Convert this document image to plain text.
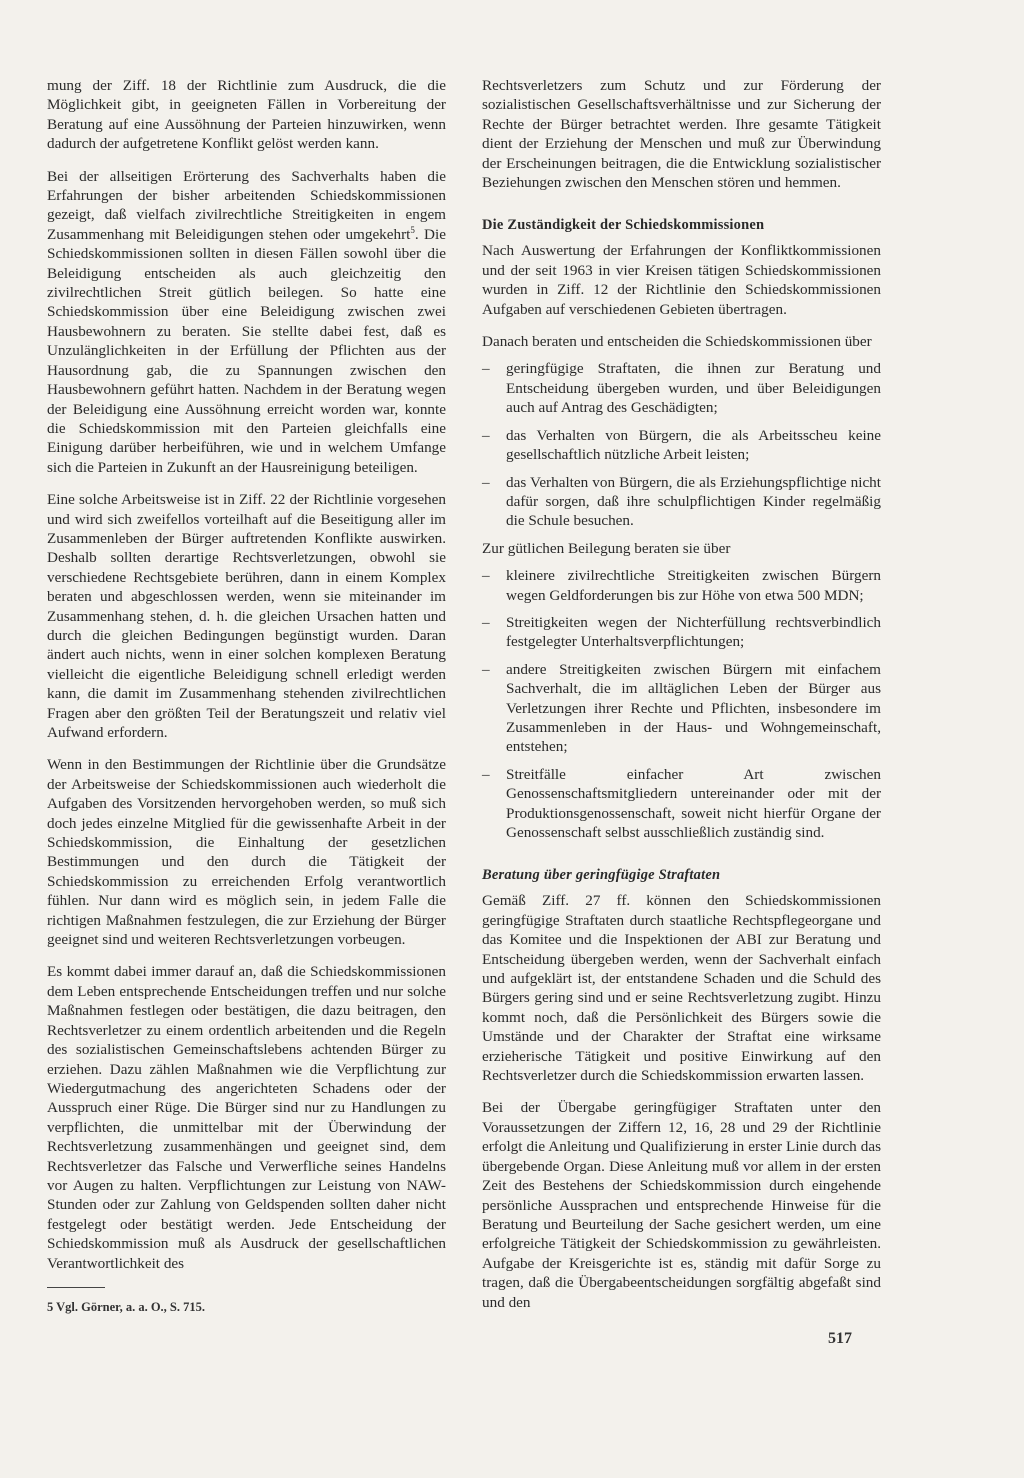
mung der Ziff. 18 der Richtlinie zum Ausdruck, die die Möglichkeit gibt, in geeigneten Fällen in Vorbereitung der Beratung auf eine Aussöhnung der Parteien hinzuwirken, wenn dadurch der aufgetretene Konflikt gelöst werden kann.

Bei der allseitigen Erörterung des Sachverhalts haben die Erfahrungen der bisher arbeitenden Schiedskommissionen gezeigt, daß vielfach zivilrechtliche Streitigkeiten in engem Zusammenhang mit Beleidigungen stehen oder umgekehrt$^5$. Die Schiedskommissionen sollten in diesen Fällen sowohl über die Beleidigung entscheiden als auch gleichzeitig den zivilrechtlichen Streit gütlich beilegen. So hatte eine Schiedskommission über eine Beleidigung zwischen zwei Hausbewohnern zu beraten. Sie stellte dabei fest, daß es Unzulänglichkeiten in der Erfüllung der Pflichten aus der Hausordnung gab, die zu Spannungen zwischen den Hausbewohnern geführt hatten. Nachdem in der Beratung wegen der Beleidigung eine Aussöhnung erreicht worden war, konnte die Schiedskommission mit den Parteien gleichfalls eine Einigung darüber herbeiführen, wie und in welchem Umfange sich die Parteien in Zukunft an der Hausreinigung beteiligen.

Eine solche Arbeitsweise ist in Ziff. 22 der Richtlinie vorgesehen und wird sich zweifellos vorteilhaft auf die Beseitigung aller im Zusammenleben der Bürger auftretenden Konflikte auswirken. Deshalb sollten derartige Rechtsverletzungen, obwohl sie verschiedene Rechtsgebiete berühren, dann in einem Komplex beraten und abgeschlossen werden, wenn sie miteinander im Zusammenhang stehen, d. h. die gleichen Ursachen hatten und durch die gleichen Bedingungen begünstigt wurden. Daran ändert auch nichts, wenn in einer solchen komplexen Beratung vielleicht die eigentliche Beleidigung schnell erledigt werden kann, die damit im Zusammenhang stehenden zivilrechtlichen Fragen aber den größten Teil der Beratungszeit und relativ viel Aufwand erfordern.

Wenn in den Bestimmungen der Richtlinie über die Grundsätze der Arbeitsweise der Schiedskommissionen auch wiederholt die Aufgaben des Vorsitzenden hervorgehoben werden, so muß sich doch jedes einzelne Mitglied für die gewissenhafte Arbeit in der Schiedskommission, die Einhaltung der gesetzlichen Bestimmungen und den durch die Tätigkeit der Schiedskommission zu erreichenden Erfolg verantwortlich fühlen. Nur dann wird es möglich sein, in jedem Falle die richtigen Maßnahmen festzulegen, die zur Erziehung der Bürger geeignet sind und weiteren Rechtsverletzungen vorbeugen.

Es kommt dabei immer darauf an, daß die Schiedskommissionen dem Leben entsprechende Entscheidungen treffen und nur solche Maßnahmen festlegen oder bestätigen, die dazu beitragen, den Rechtsverletzer zu einem ordentlich arbeitenden und die Regeln des sozialistischen Gemeinschaftslebens achtenden Bürger zu erziehen. Dazu zählen Maßnahmen wie die Verpflichtung zur Wiedergutmachung des angerichteten Schadens oder der Ausspruch einer Rüge. Die Bürger sind nur zu Handlungen zu verpflichten, die unmittelbar mit der Überwindung der Rechtsverletzung zusammenhängen und geeignet sind, dem Rechtsverletzer das Falsche und Verwerfliche seines Handelns vor Augen zu halten. Verpflichtungen zur Leistung von NAW-Stunden oder zur Zahlung von Geldspenden sollten daher nicht festgelegt oder bestätigt werden. Jede Entscheidung der Schiedskommission muß als Ausdruck der gesellschaftlichen Verantwortlichkeit des

Rechtsverletzers zum Schutz und zur Förderung der sozialistischen Gesellschaftsverhältnisse und zur Sicherung der Rechte der Bürger betrachtet werden. Ihre gesamte Tätigkeit dient der Erziehung der Menschen und muß zur Überwindung der Erscheinungen beitragen, die die Entwicklung sozialistischer Beziehungen zwischen den Menschen stören und hemmen.

Die Zuständigkeit der Schiedskommissionen

Nach Auswertung der Erfahrungen der Konfliktkommissionen und der seit 1963 in vier Kreisen tätigen Schiedskommissionen wurden in Ziff. 12 der Richtlinie den Schiedskommissionen Aufgaben auf verschiedenen Gebieten übertragen.

Danach beraten und entscheiden die Schiedskommissionen über

– geringfügige Straftaten, die ihnen zur Beratung und Entscheidung übergeben wurden, und über Beleidigungen auch auf Antrag des Geschädigten;
– das Verhalten von Bürgern, die als Arbeitsscheu keine gesellschaftlich nützliche Arbeit leisten;
– das Verhalten von Bürgern, die als Erziehungspflichtige nicht dafür sorgen, daß ihre schulpflichtigen Kinder regelmäßig die Schule besuchen.

Zur gütlichen Beilegung beraten sie über

– kleinere zivilrechtliche Streitigkeiten zwischen Bürgern wegen Geldforderungen bis zur Höhe von etwa 500 MDN;
– Streitigkeiten wegen der Nichterfüllung rechtsverbindlich festgelegter Unterhaltsverpflichtungen;
– andere Streitigkeiten zwischen Bürgern mit einfachem Sachverhalt, die im alltäglichen Leben der Bürger aus Verletzungen ihrer Rechte und Pflichten, insbesondere im Zusammenleben in der Haus- und Wohngemeinschaft, entstehen;
– Streitfälle einfacher Art zwischen Genossenschaftsmitgliedern untereinander oder mit der Produktionsgenossenschaft, soweit nicht hierfür Organe der Genossenschaft selbst ausschließlich zuständig sind.
Beratung über geringfügige Straftaten

Gemäß Ziff. 27 ff. können den Schiedskommissionen geringfügige Straftaten durch staatliche Rechtspflegeorgane und das Komitee und die Inspektionen der ABI zur Beratung und Entscheidung übergeben werden, wenn der Sachverhalt einfach und aufgeklärt ist, der entstandene Schaden und die Schuld des Bürgers gering sind und er seine Rechtsverletzung zugibt. Hinzu kommt noch, daß die Persönlichkeit des Bürgers sowie die Umstände und der Charakter der Straftat eine wirksame erzieherische Tätigkeit und positive Einwirkung auf den Rechtsverletzer durch die Schiedskommission erwarten lassen.

Bei der Übergabe geringfügiger Straftaten unter den Voraussetzungen der Ziffern 12, 16, 28 und 29 der Richtlinie erfolgt die Anleitung und Qualifizierung in erster Linie durch das übergebende Organ. Diese Anleitung muß vor allem in der ersten Zeit des Bestehens der Schiedskommission durch eingehende persönliche Aussprachen und entsprechende Hinweise für die Beratung und Beurteilung der Sache gesichert werden, um eine erfolgreiche Tätigkeit der Schiedskommission zu gewährleisten. Aufgabe der Kreisgerichte ist es, ständig mit dafür Sorge zu tragen, daß die Übergabeentscheidungen sorgfältig abgefaßt sind und den

5 Vgl. Görner, a. a. O., S. 715.
517
